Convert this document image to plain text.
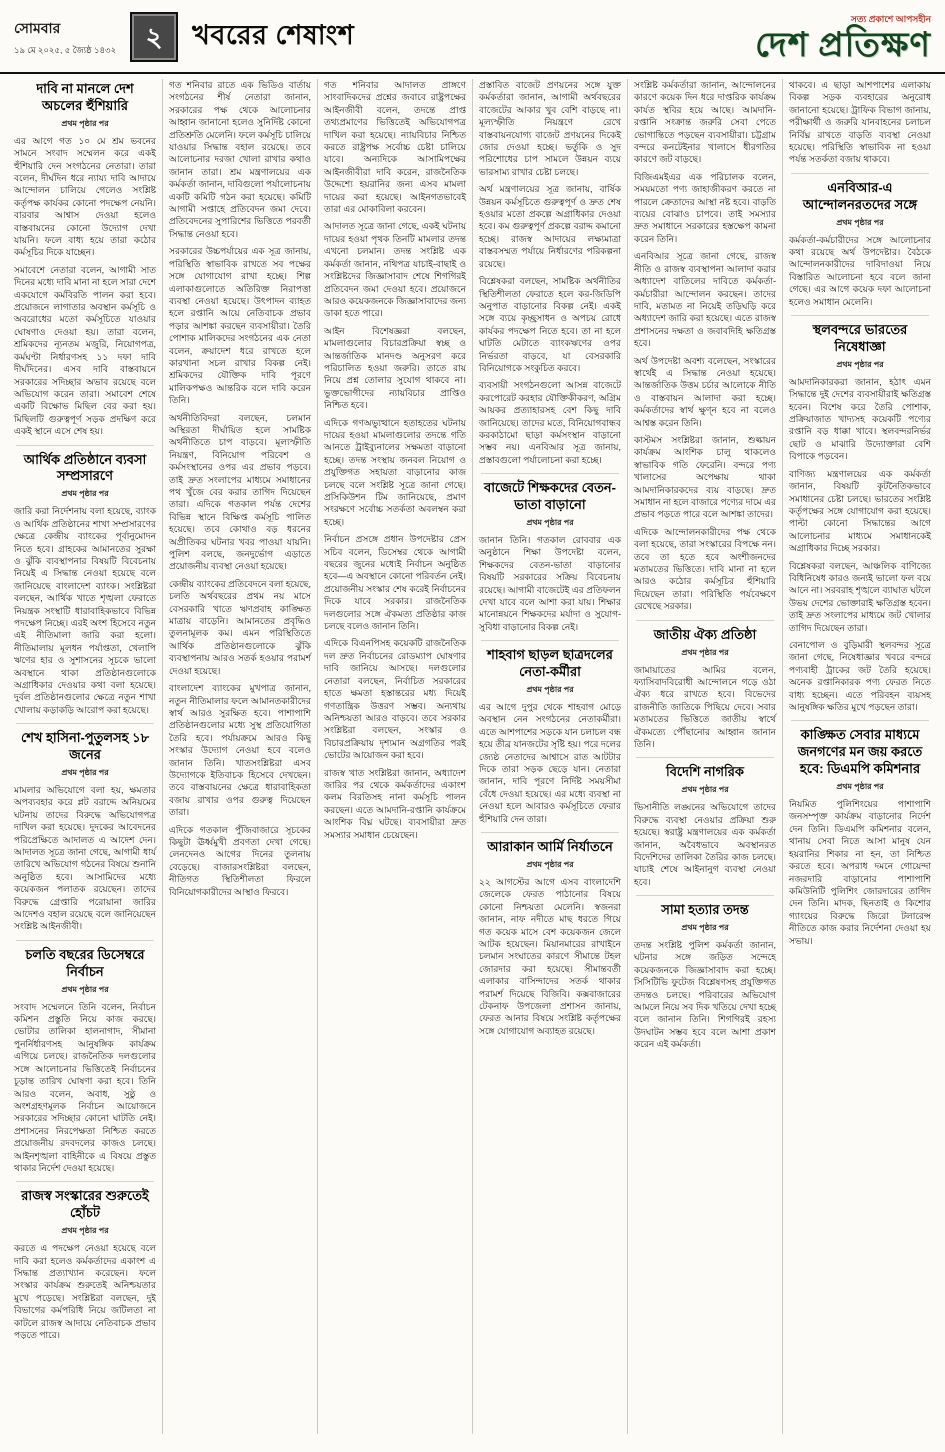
সোমবার
১৯ মে ২০২৫, ৫ জ্যৈষ্ঠ ১৪৩২ ২ খবরের শেষাংশ
সত্য প্রকাশে আপসহীন
দেশ প্রতিক্ষণ
দাবি না মানলে দেশ অচলের হুঁশিয়ারি
প্রথম পৃষ্ঠার পর

এর আগে গত ১০ মে শ্রম ভবনের সামনে সংবাদ সম্মেলন করে একই হুঁশিয়ারি দেন সংগঠনের নেতারা। তারা বলেন, দীর্ঘদিন ধরে ন্যায্য দাবি আদায়ে আন্দোলন চালিয়ে গেলেও সংশ্লিষ্ট কর্তৃপক্ষ কার্যকর কোনো পদক্ষেপ নেয়নি। বারবার আশ্বাস দেওয়া হলেও বাস্তবায়নের কোনো উদ্যোগ দেখা যায়নি। ফলে বাধ্য হয়ে তারা কঠোর কর্মসূচির দিকে যাচ্ছেন।

সমাবেশে নেতারা বলেন, আগামী সাত দিনের মধ্যে দাবি মানা না হলে সারা দেশে একযোগে কর্মবিরতি পালন করা হবে। প্রয়োজনে লাগাতার অবস্থান কর্মসূচি ও অবরোধের মতো কর্মসূচিতে যাওয়ার ঘোষণাও দেওয়া হয়। তারা বলেন, শ্রমিকদের ন্যূনতম মজুরি, নিয়োগপত্র, কর্মঘণ্টা নির্ধারণসহ ১১ দফা দাবি দীর্ঘদিনের। এসব দাবি বাস্তবায়নে সরকারের সদিচ্ছার অভাব রয়েছে বলে অভিযোগ করেন তারা। সমাবেশ শেষে একটি বিক্ষোভ মিছিল বের করা হয়। মিছিলটি গুরুত্বপূর্ণ সড়ক প্রদক্ষিণ করে একই স্থানে এসে শেষ হয়।

আর্থিক প্রতিষ্ঠানে ব্যবসা সম্প্রসারণে
প্রথম পৃষ্ঠার পর

জারি করা নির্দেশনায় বলা হয়েছে, ব্যাংক ও আর্থিক প্রতিষ্ঠানের শাখা সম্প্রসারণের ক্ষেত্রে কেন্দ্রীয় ব্যাংকের পূর্বানুমোদন নিতে হবে। গ্রাহকের আমানতের সুরক্ষা ও ঝুঁকি ব্যবস্থাপনার বিষয়টি বিবেচনায় নিয়েই এ সিদ্ধান্ত নেওয়া হয়েছে বলে জানিয়েছে বাংলাদেশ ব্যাংক। সংশ্লিষ্টরা বলছেন, আর্থিক খাতে শৃঙ্খলা ফেরাতে নিয়ন্ত্রক সংস্থাটি ধারাবাহিকভাবে বিভিন্ন পদক্ষেপ নিচ্ছে। এরই অংশ হিসেবে নতুন এই নীতিমালা জারি করা হলো। নীতিমালায় মূলধন পর্যাপ্ততা, খেলাপি ঋণের হার ও সুশাসনের সূচকে ভালো অবস্থানে থাকা প্রতিষ্ঠানগুলোকে অগ্রাধিকার দেওয়ার কথা বলা হয়েছে। দুর্বল প্রতিষ্ঠানগুলোর ক্ষেত্রে নতুন শাখা খোলায় কড়াকড়ি আরোপ করা হয়েছে।

শেখ হাসিনা-পুতুলসহ ১৮ জনের
প্রথম পৃষ্ঠার পর

মামলার অভিযোগে বলা হয়, ক্ষমতার অপব্যবহার করে প্লট বরাদ্দে অনিয়মের ঘটনায় তাদের বিরুদ্ধে অভিযোগপত্র দাখিল করা হয়েছে। দুদকের আবেদনের পরিপ্রেক্ষিতে আদালত এ আদেশ দেন। আদালত সূত্রে জানা গেছে, আগামী ধার্য তারিখে অভিযোগ গঠনের বিষয়ে শুনানি অনুষ্ঠিত হবে। আসামিদের মধ্যে কয়েকজন পলাতক রয়েছেন। তাদের বিরুদ্ধে গ্রেপ্তারি পরোয়ানা জারির আদেশও বহাল রয়েছে বলে জানিয়েছেন সংশ্লিষ্ট আইনজীবী।

চলতি বছরের ডিসেম্বরে নির্বাচন
প্রথম পৃষ্ঠার পর

সংবাদ সম্মেলনে তিনি বলেন, নির্বাচন কমিশন প্রস্তুতি নিয়ে কাজ করছে। ভোটার তালিকা হালনাগাদ, সীমানা পুনর্নির্ধারণসহ আনুষঙ্গিক কার্যক্রম এগিয়ে চলছে। রাজনৈতিক দলগুলোর সঙ্গে আলোচনার ভিত্তিতেই নির্বাচনের চূড়ান্ত তারিখ ঘোষণা করা হবে। তিনি আরও বলেন, অবাধ, সুষ্ঠু ও অংশগ্রহণমূলক নির্বাচন আয়োজনে সরকারের সদিচ্ছার কোনো ঘাটতি নেই। প্রশাসনের নিরপেক্ষতা নিশ্চিত করতে প্রয়োজনীয় রদবদলের কাজও চলছে। আইনশৃঙ্খলা বাহিনীকে এ বিষয়ে প্রস্তুত থাকার নির্দেশ দেওয়া হয়েছে।

রাজস্ব সংস্কারের শুরুতেই হোঁচট
প্রথম পৃষ্ঠার পর

করতে এ পদক্ষেপ নেওয়া হয়েছে বলে দাবি করা হলেও কর্মকর্তাদের একাংশ এ সিদ্ধান্ত প্রত্যাখ্যান করেছেন। ফলে সংস্কার কার্যক্রম শুরুতেই অনিশ্চয়তার মুখে পড়েছে। সংশ্লিষ্টরা বলছেন, দুই বিভাগের কর্মপরিধি নিয়ে জটিলতা না কাটলে রাজস্ব আদায়ে নেতিবাচক প্রভাব পড়তে পারে।

গত শনিবার রাতে এক ভিডিও বার্তায় সংগঠনের শীর্ষ নেতারা জানান, সরকারের পক্ষ থেকে আলোচনার আহ্বান জানানো হলেও সুনির্দিষ্ট কোনো প্রতিশ্রুতি মেলেনি। ফলে কর্মসূচি চালিয়ে যাওয়ার সিদ্ধান্ত বহাল রয়েছে। তবে আলোচনার দরজা খোলা রাখার কথাও জানান তারা। শ্রম মন্ত্রণালয়ের এক কর্মকর্তা জানান, দাবিগুলো পর্যালোচনায় একটি কমিটি গঠন করা হয়েছে। কমিটি আগামী সপ্তাহে প্রতিবেদন জমা দেবে। প্রতিবেদনের সুপারিশের ভিত্তিতে পরবর্তী সিদ্ধান্ত নেওয়া হবে।

সরকারের উচ্চপর্যায়ের এক সূত্র জানায়, পরিস্থিতি স্বাভাবিক রাখতে সব পক্ষের সঙ্গে যোগাযোগ রাখা হচ্ছে। শিল্প এলাকাগুলোতে অতিরিক্ত নিরাপত্তা ব্যবস্থা নেওয়া হয়েছে। উৎপাদন ব্যাহত হলে রপ্তানি আয়ে নেতিবাচক প্রভাব পড়ার আশঙ্কা করছেন ব্যবসায়ীরা। তৈরি পোশাক মালিকদের সংগঠনের এক নেতা বলেন, ক্রয়াদেশ ধরে রাখতে হলে কারখানা সচল রাখার বিকল্প নেই। শ্রমিকদের যৌক্তিক দাবি পূরণে মালিকপক্ষও আন্তরিক বলে দাবি করেন তিনি।

অর্থনীতিবিদরা বলছেন, চলমান অস্থিরতা দীর্ঘায়িত হলে সামষ্টিক অর্থনীতিতে চাপ বাড়বে। মূল্যস্ফীতি নিয়ন্ত্রণ, বিনিয়োগ পরিবেশ ও কর্মসংস্থানের ওপর এর প্রভাব পড়বে। তাই দ্রুত সংলাপের মাধ্যমে সমাধানের পথ খুঁজে বের করার তাগিদ দিয়েছেন তারা। এদিকে গতকাল পর্যন্ত দেশের বিভিন্ন স্থানে বিক্ষিপ্ত কর্মসূচি পালিত হয়েছে। তবে কোথাও বড় ধরনের অপ্রীতিকর ঘটনার খবর পাওয়া যায়নি। পুলিশ বলছে, জনদুর্ভোগ এড়াতে প্রয়োজনীয় ব্যবস্থা নেওয়া হয়েছে।

কেন্দ্রীয় ব্যাংকের প্রতিবেদনে বলা হয়েছে, চলতি অর্থবছরের প্রথম নয় মাসে বেসরকারি খাতে ঋণপ্রবাহ কাঙ্ক্ষিত মাত্রায় বাড়েনি। আমানতের প্রবৃদ্ধিও তুলনামূলক কম। এমন পরিস্থিতিতে আর্থিক প্রতিষ্ঠানগুলোকে ঝুঁকি ব্যবস্থাপনায় আরও সতর্ক হওয়ার পরামর্শ দেওয়া হয়েছে।

বাংলাদেশ ব্যাংকের মুখপাত্র জানান, নতুন নীতিমালার ফলে আমানতকারীদের স্বার্থ আরও সুরক্ষিত হবে। পাশাপাশি প্রতিষ্ঠানগুলোর মধ্যে সুস্থ প্রতিযোগিতা তৈরি হবে। পর্যায়ক্রমে আরও কিছু সংস্কার উদ্যোগ নেওয়া হবে বলেও জানান তিনি। খাতসংশ্লিষ্টরা এসব উদ্যোগকে ইতিবাচক হিসেবে দেখছেন। তবে বাস্তবায়নের ক্ষেত্রে ধারাবাহিকতা বজায় রাখার ওপর গুরুত্ব দিয়েছেন তারা।

এদিকে গতকাল পুঁজিবাজারে সূচকের কিছুটা ঊর্ধ্বমুখী প্রবণতা দেখা গেছে। লেনদেনও আগের দিনের তুলনায় বেড়েছে। বাজারসংশ্লিষ্টরা বলছেন, নীতিগত স্থিতিশীলতা ফিরলে বিনিয়োগকারীদের আস্থাও ফিরবে।

গত শনিবার আদালত প্রাঙ্গণে সাংবাদিকদের প্রশ্নের জবাবে রাষ্ট্রপক্ষের আইনজীবী বলেন, তদন্তে প্রাপ্ত তথ্যপ্রমাণের ভিত্তিতেই অভিযোগপত্র দাখিল করা হয়েছে। ন্যায়বিচার নিশ্চিত করতে রাষ্ট্রপক্ষ সর্বোচ্চ চেষ্টা চালিয়ে যাবে। অন্যদিকে আসামিপক্ষের আইনজীবীরা দাবি করেন, রাজনৈতিক উদ্দেশ্যে হয়রানির জন্য এসব মামলা দায়ের করা হয়েছে। আইনগতভাবেই তারা এর মোকাবিলা করবেন।

আদালত সূত্রে জানা গেছে, একই ঘটনায় দায়ের হওয়া পৃথক তিনটি মামলার তদন্ত এখনো চলমান। তদন্ত সংশ্লিষ্ট এক কর্মকর্তা জানান, নথিপত্র যাচাই-বাছাই ও সংশ্লিষ্টদের জিজ্ঞাসাবাদ শেষে শিগগিরই প্রতিবেদন জমা দেওয়া হবে। প্রয়োজনে আরও কয়েকজনকে জিজ্ঞাসাবাদের জন্য ডাকা হতে পারে।

আইন বিশেষজ্ঞরা বলছেন, মামলাগুলোর বিচারপ্রক্রিয়া স্বচ্ছ ও আন্তর্জাতিক মানদণ্ড অনুসরণ করে পরিচালিত হওয়া জরুরি। তাতে রায় নিয়ে প্রশ্ন তোলার সুযোগ থাকবে না। ভুক্তভোগীদের ন্যায়বিচার প্রাপ্তিও নিশ্চিত হবে।

এদিকে গণঅভ্যুত্থানে হতাহতের ঘটনায় দায়ের হওয়া মামলাগুলোর তদন্তে গতি আনতে ট্রাইব্যুনালের সক্ষমতা বাড়ানো হচ্ছে। তদন্ত সংস্থায় জনবল নিয়োগ ও প্রযুক্তিগত সহায়তা বাড়ানোর কাজ চলছে বলে সংশ্লিষ্ট সূত্রে জানা গেছে। প্রসিকিউশন টিম জানিয়েছে, প্রমাণ সংরক্ষণে সর্বোচ্চ সতর্কতা অবলম্বন করা হচ্ছে।

নির্বাচন প্রসঙ্গে প্রধান উপদেষ্টার প্রেস সচিব বলেন, ডিসেম্বর থেকে আগামী বছরের জুনের মধ্যেই নির্বাচন অনুষ্ঠিত হবে—এ অবস্থানে কোনো পরিবর্তন নেই। প্রয়োজনীয় সংস্কার শেষ করেই নির্বাচনের দিকে যাবে সরকার। রাজনৈতিক দলগুলোর সঙ্গে ঐকমত্য প্রতিষ্ঠার কাজ চলছে বলেও জানান তিনি।

এদিকে বিএনপিসহ কয়েকটি রাজনৈতিক দল দ্রুত নির্বাচনের রোডম্যাপ ঘোষণার দাবি জানিয়ে আসছে। দলগুলোর নেতারা বলছেন, নির্বাচিত সরকারের হাতে ক্ষমতা হস্তান্তরের মধ্য দিয়েই গণতান্ত্রিক উত্তরণ সম্ভব। অন্যথায় অনিশ্চয়তা আরও বাড়বে। তবে সরকার সংশ্লিষ্টরা বলছেন, সংস্কার ও বিচারপ্রক্রিয়ায় দৃশ্যমান অগ্রগতির পরই ভোটের আয়োজন করা হবে।

রাজস্ব খাত সংশ্লিষ্টরা জানান, অধ্যাদেশ জারির পর থেকে কর্মকর্তাদের একাংশ কলম বিরতিসহ নানা কর্মসূচি পালন করছেন। এতে আমদানি-রপ্তানি কার্যক্রমে আংশিক বিঘ্ন ঘটছে। ব্যবসায়ীরা দ্রুত সমস্যার সমাধান চেয়েছেন।

প্রস্তাবিত বাজেট প্রণয়নের সঙ্গে যুক্ত কর্মকর্তারা জানান, আগামী অর্থবছরের বাজেটের আকার খুব বেশি বাড়ছে না। মূল্যস্ফীতি নিয়ন্ত্রণে রেখে বাস্তবায়নযোগ্য বাজেট প্রণয়নের দিকেই জোর দেওয়া হচ্ছে। ভর্তুকি ও সুদ পরিশোধের চাপ সামলে উন্নয়ন ব্যয়ে ভারসাম্য রাখার চেষ্টা চলছে।

অর্থ মন্ত্রণালয়ের সূত্র জানায়, বার্ষিক উন্নয়ন কর্মসূচিতে গুরুত্বপূর্ণ ও দ্রুত শেষ হওয়ার মতো প্রকল্পে অগ্রাধিকার দেওয়া হবে। কম গুরুত্বপূর্ণ প্রকল্পে বরাদ্দ কমানো হচ্ছে। রাজস্ব আদায়ের লক্ষ্যমাত্রা বাস্তবসম্মত পর্যায়ে নির্ধারণের পরিকল্পনা রয়েছে।

বিশ্লেষকরা বলছেন, সামষ্টিক অর্থনীতির স্থিতিশীলতা ফেরাতে হলে কর-জিডিপি অনুপাত বাড়ানোর বিকল্প নেই। একই সঙ্গে ব্যয়ে কৃচ্ছ্রসাধন ও অপচয় রোধে কার্যকর পদক্ষেপ নিতে হবে। তা না হলে ঘাটতি মেটাতে ব্যাংকঋণের ওপর নির্ভরতা বাড়বে, যা বেসরকারি বিনিয়োগকে সংকুচিত করবে।

ব্যবসায়ী সংগঠনগুলো আসন্ন বাজেটে করপোরেট করহার যৌক্তিকীকরণ, অগ্রিম আয়কর প্রত্যাহারসহ বেশ কিছু দাবি জানিয়েছে। তাদের মতে, বিনিয়োগবান্ধব করকাঠামো ছাড়া কর্মসংস্থান বাড়ানো সম্ভব নয়। এনবিআর সূত্র জানায়, প্রস্তাবগুলো পর্যালোচনা করা হচ্ছে।

বাজেটে শিক্ষকদের বেতন-ভাতা বাড়ানো
প্রথম পৃষ্ঠার পর

জানান তিনি। গতকাল রোববার এক অনুষ্ঠানে শিক্ষা উপদেষ্টা বলেন, শিক্ষকদের বেতন-ভাতা বাড়ানোর বিষয়টি সরকারের সক্রিয় বিবেচনায় রয়েছে। আগামী বাজেটেই এর প্রতিফলন দেখা যাবে বলে আশা করা যায়। শিক্ষার মানোন্নয়নে শিক্ষকদের মর্যাদা ও সুযোগ-সুবিধা বাড়ানোর বিকল্প নেই।

শাহবাগ ছাড়ল ছাত্রদলের নেতা-কর্মীরা
প্রথম পৃষ্ঠার পর

এর আগে দুপুর থেকে শাহবাগ মোড়ে অবস্থান নেন সংগঠনের নেতাকর্মীরা। এতে আশপাশের সড়কে যান চলাচল বন্ধ হয়ে তীব্র যানজটের সৃষ্টি হয়। পরে দলের জ্যেষ্ঠ নেতাদের আশ্বাসে রাত আটটার দিকে তারা সড়ক ছেড়ে যান। নেতারা জানান, দাবি পূরণে নির্দিষ্ট সময়সীমা বেঁধে দেওয়া হয়েছে। এর মধ্যে ব্যবস্থা না নেওয়া হলে আবারও কর্মসূচিতে ফেরার হুঁশিয়ারি দেন তারা।

আরাকান আর্মি নির্যাতনে
প্রথম পৃষ্ঠার পর

২২ আগস্টের আগে এসব বাংলাদেশি জেলেকে ফেরত পাঠানোর বিষয়ে কোনো নিশ্চয়তা মেলেনি। স্বজনরা জানান, নাফ নদীতে মাছ ধরতে গিয়ে গত কয়েক মাসে বেশ কয়েকজন জেলে আটক হয়েছেন। মিয়ানমারের রাখাইনে চলমান সংঘাতের কারণে সীমান্তে টহল জোরদার করা হয়েছে। সীমান্তবর্তী এলাকার বাসিন্দাদের সতর্ক থাকার পরামর্শ দিয়েছে বিজিবি। কক্সবাজারের টেকনাফ উপজেলা প্রশাসন জানায়, ফেরত আনার বিষয়ে সংশ্লিষ্ট কর্তৃপক্ষের সঙ্গে যোগাযোগ অব্যাহত রয়েছে।

সংশ্লিষ্ট কর্মকর্তারা জানান, আন্দোলনের কারণে কয়েক দিন ধরে দাপ্তরিক কার্যক্রম কার্যত স্থবির হয়ে আছে। আমদানি-রপ্তানি সংক্রান্ত জরুরি সেবা পেতে ভোগান্তিতে পড়ছেন ব্যবসায়ীরা। চট্টগ্রাম বন্দরে কনটেইনার খালাসে ধীরগতির কারণে জট বাড়ছে।

বিজিএমইএর এক পরিচালক বলেন, সময়মতো পণ্য জাহাজীকরণ করতে না পারলে ক্রেতাদের আস্থা নষ্ট হবে। বাড়তি ব্যয়ের বোঝাও চাপবে। তাই সমস্যার দ্রুত সমাধানে সরকারের হস্তক্ষেপ কামনা করেন তিনি।

এনবিআর সূত্রে জানা গেছে, রাজস্ব নীতি ও রাজস্ব ব্যবস্থাপনা আলাদা করার অধ্যাদেশ বাতিলের দাবিতে কর্মকর্তা-কর্মচারীরা আন্দোলন করছেন। তাদের দাবি, মতামত না নিয়েই তড়িঘড়ি করে অধ্যাদেশ জারি করা হয়েছে। এতে রাজস্ব প্রশাসনের দক্ষতা ও জবাবদিহি ক্ষতিগ্রস্ত হবে।

অর্থ উপদেষ্টা অবশ্য বলেছেন, সংস্কারের স্বার্থেই এ সিদ্ধান্ত নেওয়া হয়েছে। আন্তর্জাতিক উত্তম চর্চার আলোকে নীতি ও বাস্তবায়ন আলাদা করা হচ্ছে। কর্মকর্তাদের স্বার্থ ক্ষুণ্ন হবে না বলেও আশ্বস্ত করেন তিনি।

কাস্টমস সংশ্লিষ্টরা জানান, শুল্কায়ন কার্যক্রম আংশিক চালু থাকলেও স্বাভাবিক গতি ফেরেনি। বন্দরে পণ্য খালাসের অপেক্ষায় থাকা আমদানিকারকদের ব্যয় বাড়ছে। দ্রুত সমাধান না হলে বাজারে পণ্যের দামে এর প্রভাব পড়তে পারে বলে আশঙ্কা তাদের।

এদিকে আন্দোলনকারীদের পক্ষ থেকে বলা হয়েছে, তারা সংস্কারের বিপক্ষে নন। তবে তা হতে হবে অংশীজনদের মতামতের ভিত্তিতে। দাবি মানা না হলে আরও কঠোর কর্মসূচির হুঁশিয়ারি দিয়েছেন তারা। পরিস্থিতি পর্যবেক্ষণে রেখেছে সরকার।

জাতীয় ঐক্য প্রতিষ্ঠা
প্রথম পৃষ্ঠার পর

জামায়াতের আমির বলেন, ফ্যাসিবাদবিরোধী আন্দোলনে গড়ে ওঠা ঐক্য ধরে রাখতে হবে। বিভেদের রাজনীতি জাতিকে পিছিয়ে দেবে। সবার মতামতের ভিত্তিতে জাতীয় স্বার্থে ঐকমত্যে পৌঁছানোর আহ্বান জানান তিনি।

বিদেশি নাগরিক
প্রথম পৃষ্ঠার পর

ভিসানীতি লঙ্ঘনের অভিযোগে তাদের বিরুদ্ধে ব্যবস্থা নেওয়ার প্রক্রিয়া শুরু হয়েছে। স্বরাষ্ট্র মন্ত্রণালয়ের এক কর্মকর্তা জানান, অবৈধভাবে অবস্থানরত বিদেশিদের তালিকা তৈরির কাজ চলছে। যাচাই শেষে আইনানুগ ব্যবস্থা নেওয়া হবে।

সামা হত্যার তদন্ত
প্রথম পৃষ্ঠার পর

তদন্ত সংশ্লিষ্ট পুলিশ কর্মকর্তা জানান, ঘটনার সঙ্গে জড়িত সন্দেহে কয়েকজনকে জিজ্ঞাসাবাদ করা হচ্ছে। সিসিটিভি ফুটেজ বিশ্লেষণসহ প্রযুক্তিগত তদন্তও চলছে। পরিবারের অভিযোগ আমলে নিয়ে সব দিক খতিয়ে দেখা হচ্ছে বলে জানান তিনি। শিগগিরই রহস্য উদঘাটন সম্ভব হবে বলে আশা প্রকাশ করেন এই কর্মকর্তা।

থাকবে। এ ছাড়া আশপাশের এলাকায় বিকল্প সড়ক ব্যবহারের অনুরোধ জানানো হয়েছে। ট্রাফিক বিভাগ জানায়, পরীক্ষার্থী ও জরুরি যানবাহনের চলাচল নির্বিঘ্ন রাখতে বাড়তি ব্যবস্থা নেওয়া হয়েছে। পরিস্থিতি স্বাভাবিক না হওয়া পর্যন্ত সতর্কতা বজায় থাকবে।

এনবিআর-এ আন্দোলনরতদের সঙ্গে
প্রথম পৃষ্ঠার পর

কর্মকর্তা-কর্মচারীদের সঙ্গে আলোচনার কথা রয়েছে অর্থ উপদেষ্টার। বৈঠকে আন্দোলনকারীদের দাবিদাওয়া নিয়ে বিস্তারিত আলোচনা হবে বলে জানা গেছে। এর আগে কয়েক দফা আলোচনা হলেও সমাধান মেলেনি।

স্থলবন্দরে ভারতের নিষেধাজ্ঞা
প্রথম পৃষ্ঠার পর

আমদানিকারকরা জানান, হঠাৎ এমন সিদ্ধান্তে দুই দেশের ব্যবসায়ীরাই ক্ষতিগ্রস্ত হবেন। বিশেষ করে তৈরি পোশাক, প্রক্রিয়াজাত খাদ্যসহ কয়েকটি পণ্যের রপ্তানি বড় ধাক্কা খাবে। স্থলবন্দরনির্ভর ছোট ও মাঝারি উদ্যোক্তারা বেশি বিপাকে পড়বেন।

বাণিজ্য মন্ত্রণালয়ের এক কর্মকর্তা জানান, বিষয়টি কূটনৈতিকভাবে সমাধানের চেষ্টা চলছে। ভারতের সংশ্লিষ্ট কর্তৃপক্ষের সঙ্গে যোগাযোগ করা হয়েছে। পাল্টা কোনো সিদ্ধান্তের আগে আলোচনার মাধ্যমে সমাধানকেই অগ্রাধিকার দিচ্ছে সরকার।

বিশ্লেষকরা বলছেন, আঞ্চলিক বাণিজ্যে বিধিনিষেধ কারও জন্যই ভালো ফল বয়ে আনে না। সরবরাহ শৃঙ্খলে ব্যাঘাত ঘটলে উভয় দেশের ভোক্তারাই ক্ষতিগ্রস্ত হবেন। তাই দ্রুত সংলাপের মাধ্যমে জট খোলার তাগিদ দিয়েছেন তারা।

বেনাপোল ও বুড়িমারী স্থলবন্দর সূত্রে জানা গেছে, নিষেধাজ্ঞার খবরে বন্দরে পণ্যবাহী ট্রাকের জট তৈরি হয়েছে। অনেক রপ্তানিকারক পণ্য ফেরত নিতে বাধ্য হচ্ছেন। এতে পরিবহন ব্যয়সহ আনুষঙ্গিক ক্ষতির মুখে পড়ছেন তারা।

কাঙ্ক্ষিত সেবার মাধ্যমে জনগণের মন জয় করতে হবে: ডিএমপি কমিশনার
প্রথম পৃষ্ঠার পর

নিয়মিত পুলিশিংয়ের পাশাপাশি জনসম্পৃক্ত কার্যক্রম বাড়ানোর নির্দেশ দেন তিনি। ডিএমপি কমিশনার বলেন, থানায় সেবা নিতে আসা মানুষ যেন হয়রানির শিকার না হন, তা নিশ্চিত করতে হবে। অপরাধ দমনে গোয়েন্দা নজরদারি বাড়ানোর পাশাপাশি কমিউনিটি পুলিশিং জোরদারের তাগিদ দেন তিনি। মাদক, ছিনতাই ও কিশোর গ্যাংয়ের বিরুদ্ধে জিরো টলারেন্স নীতিতে কাজ করার নির্দেশনা দেওয়া হয় সভায়।
